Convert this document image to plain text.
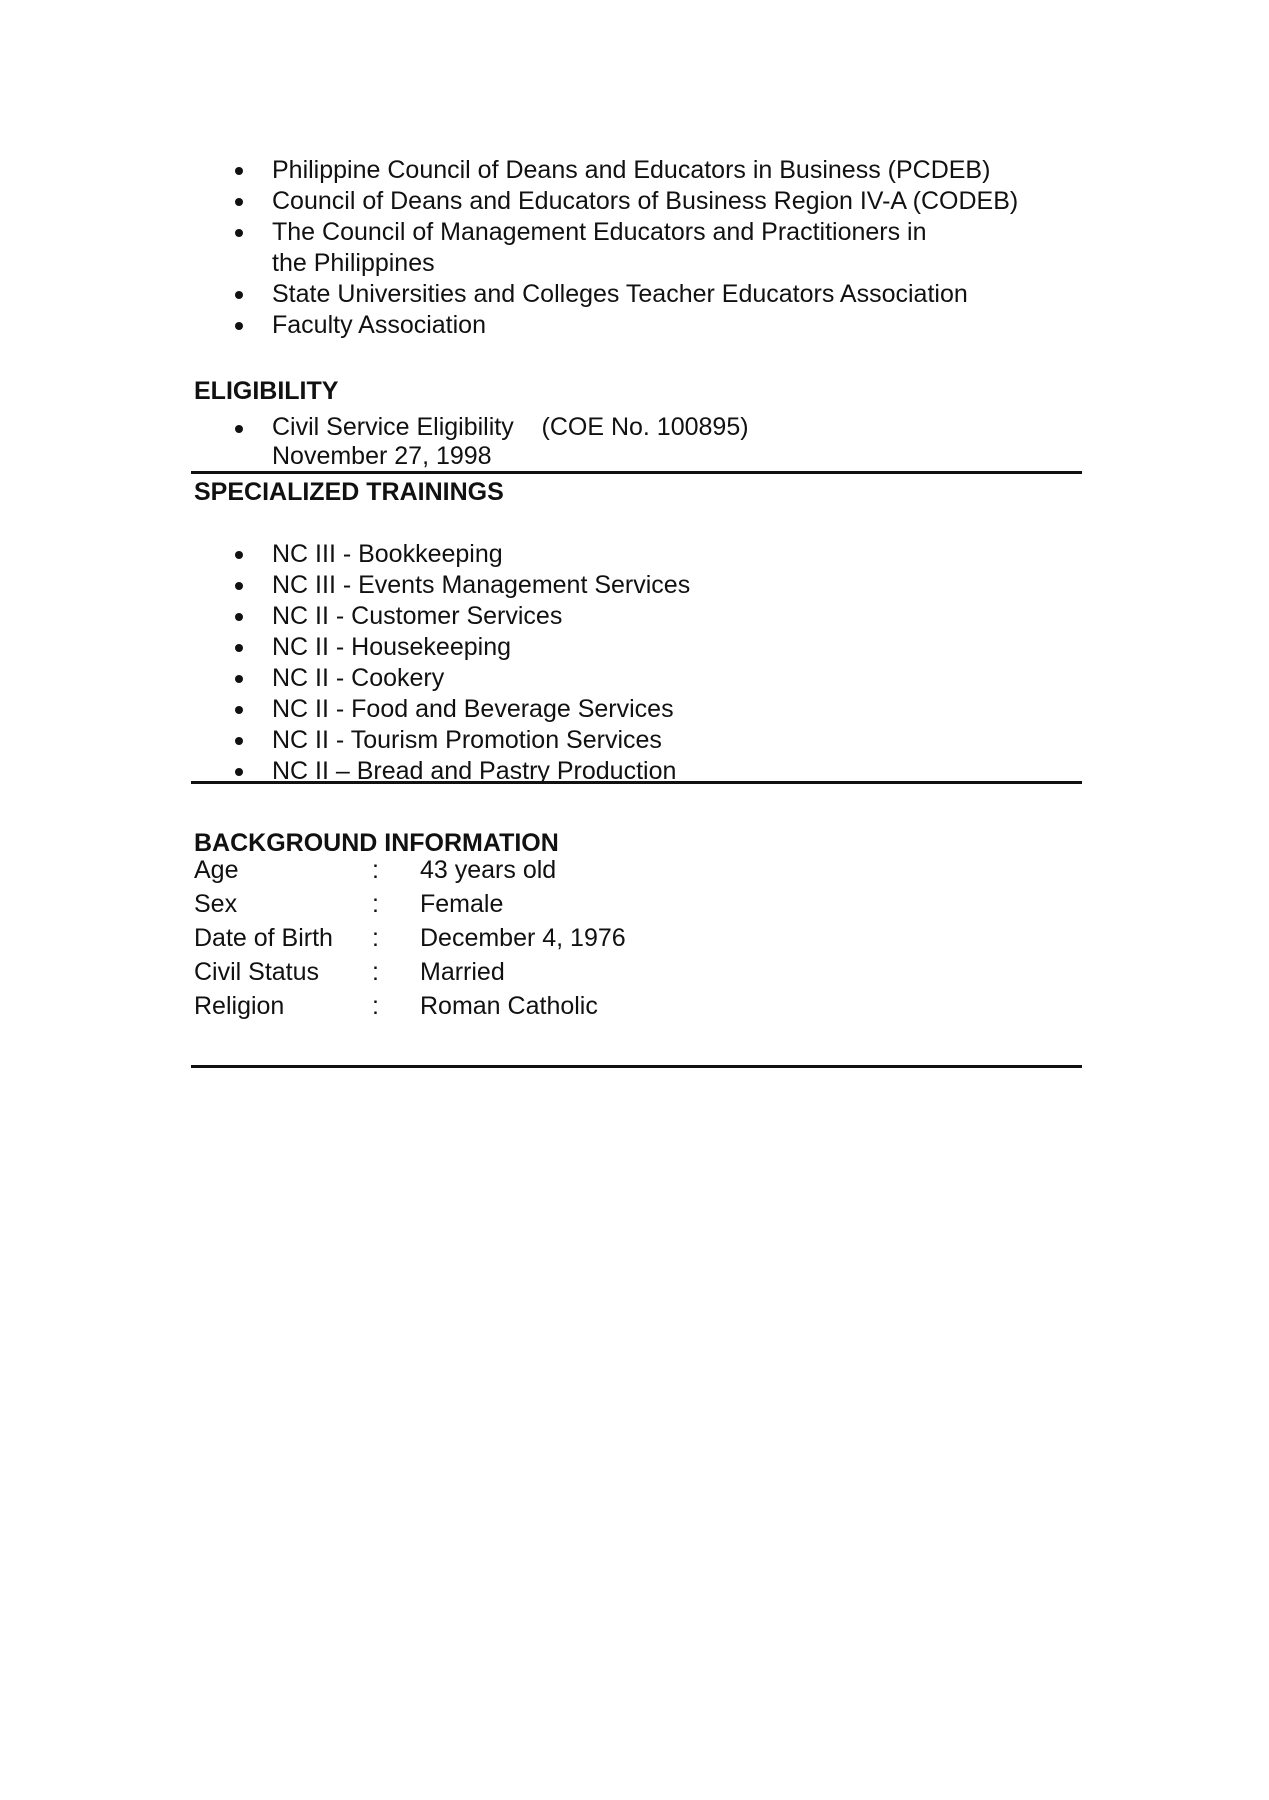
Philippine Council of Deans and Educators in Business (PCDEB)
Council of Deans and Educators of Business Region IV-A (CODEB)
The Council of Management Educators and Practitioners in
the Philippines
State Universities and Colleges Teacher Educators Association
Faculty Association
ELIGIBILITY
Civil Service Eligibility    (COE No. 100895)
November 27, 1998
SPECIALIZED TRAININGS
NC III - Bookkeeping
NC III - Events Management Services
NC II - Customer Services
NC II - Housekeeping
NC II - Cookery
NC II - Food and Beverage Services
NC II - Tourism Promotion Services
NC II – Bread and Pastry Production
BACKGROUND INFORMATION
Age	: 43 years old
Sex	: Female
Date of Birth : December 4, 1976
Civil Status : Married
Religion	: Roman Catholic
